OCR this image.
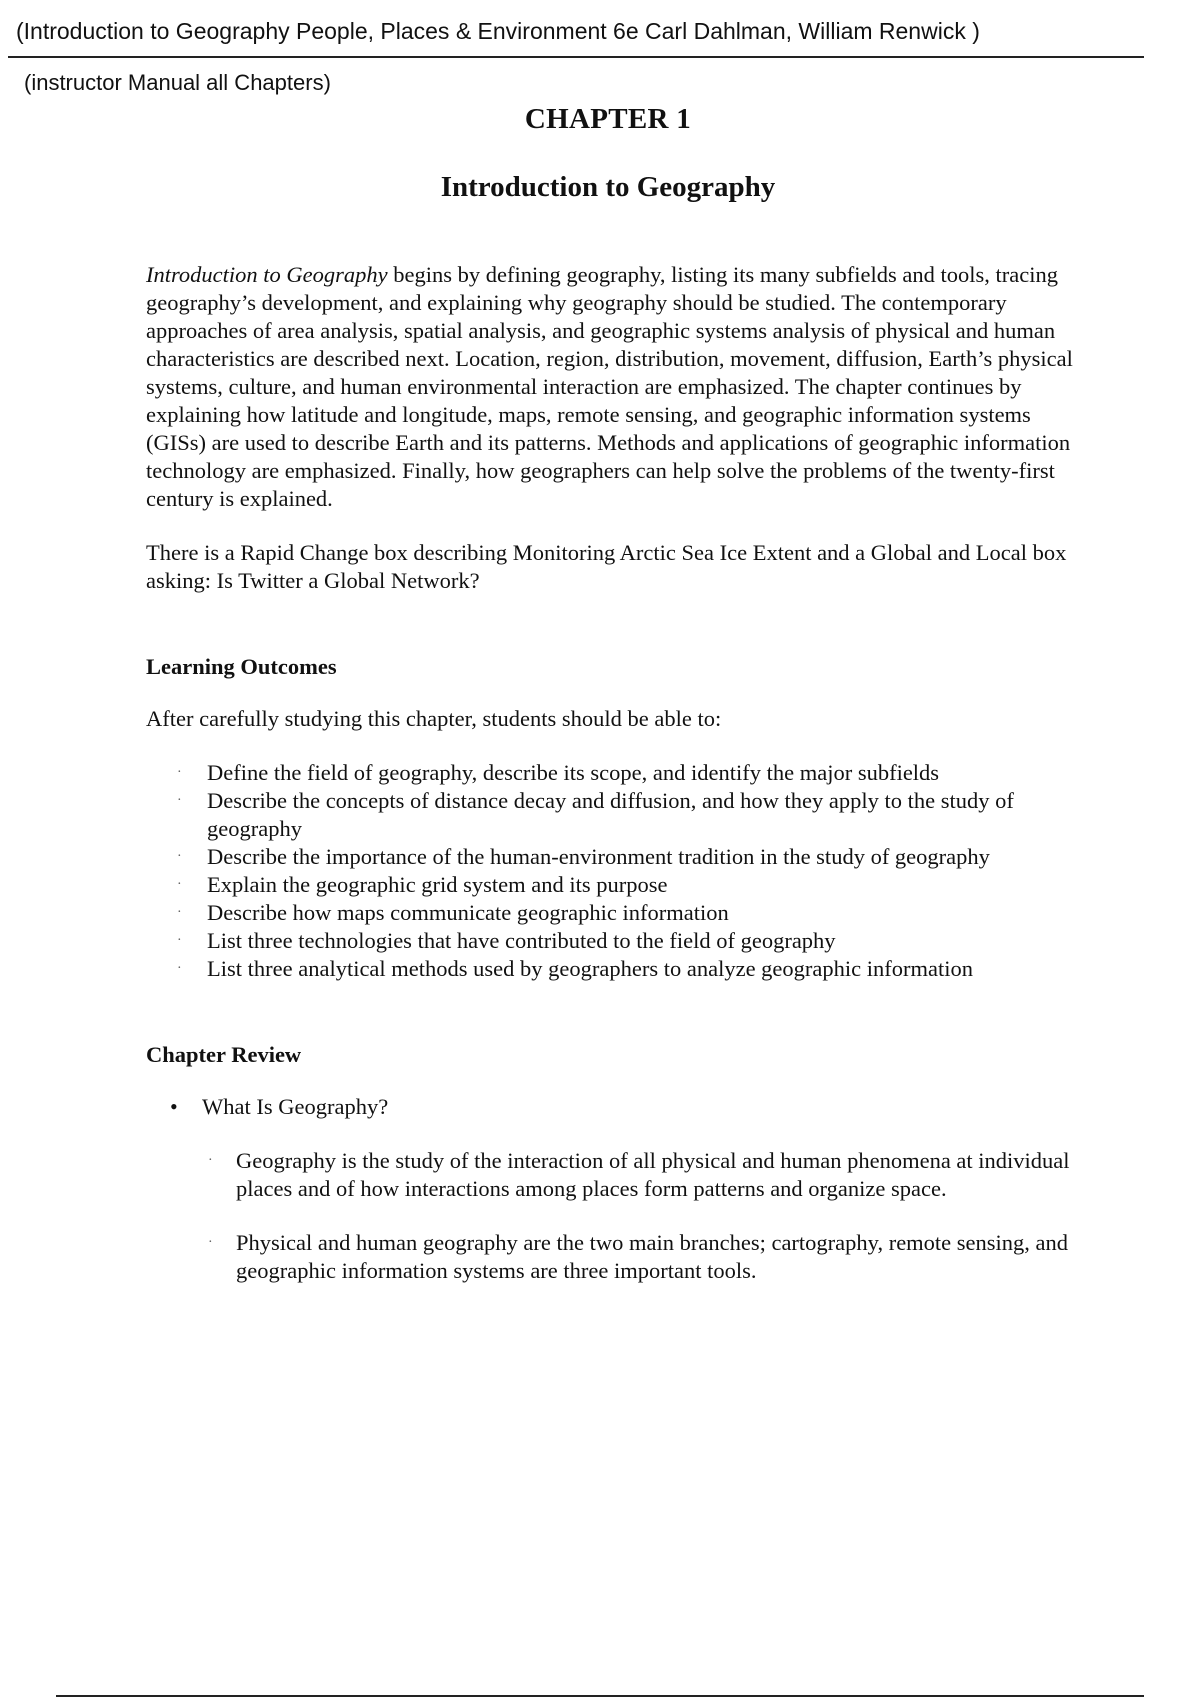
(Introduction to Geography People, Places & Environment 6e Carl Dahlman, William Renwick )
(instructor Manual all Chapters)
CHAPTER 1
Introduction to Geography

Introduction to Geography begins by defining geography, listing its many subfields and tools, tracing geography’s development, and explaining why geography should be studied. The contemporary approaches of area analysis, spatial analysis, and geographic systems analysis of physical and human characteristics are described next. Location, region, distribution, movement, diffusion, Earth’s physical systems, culture, and human environmental interaction are emphasized. The chapter continues by explaining how latitude and longitude, maps, remote sensing, and geographic information systems (GISs) are used to describe Earth and its patterns. Methods and applications of geographic information technology are emphasized. Finally, how geographers can help solve the problems of the twenty-first century is explained.

There is a Rapid Change box describing Monitoring Arctic Sea Ice Extent and a Global and Local box asking: Is Twitter a Global Network?

Learning Outcomes

After carefully studying this chapter, students should be able to:

· Define the field of geography, describe its scope, and identify the major subfields
· Describe the concepts of distance decay and diffusion, and how they apply to the study of geography
· Describe the importance of the human-environment tradition in the study of geography
· Explain the geographic grid system and its purpose
· Describe how maps communicate geographic information
· List three technologies that have contributed to the field of geography
· List three analytical methods used by geographers to analyze geographic information
Chapter Review
• What Is Geography?
· Geography is the study of the interaction of all physical and human phenomena at individual places and of how interactions among places form patterns and organize space.
· Physical and human geography are the two main branches; cartography, remote sensing, and geographic information systems are three important tools.
